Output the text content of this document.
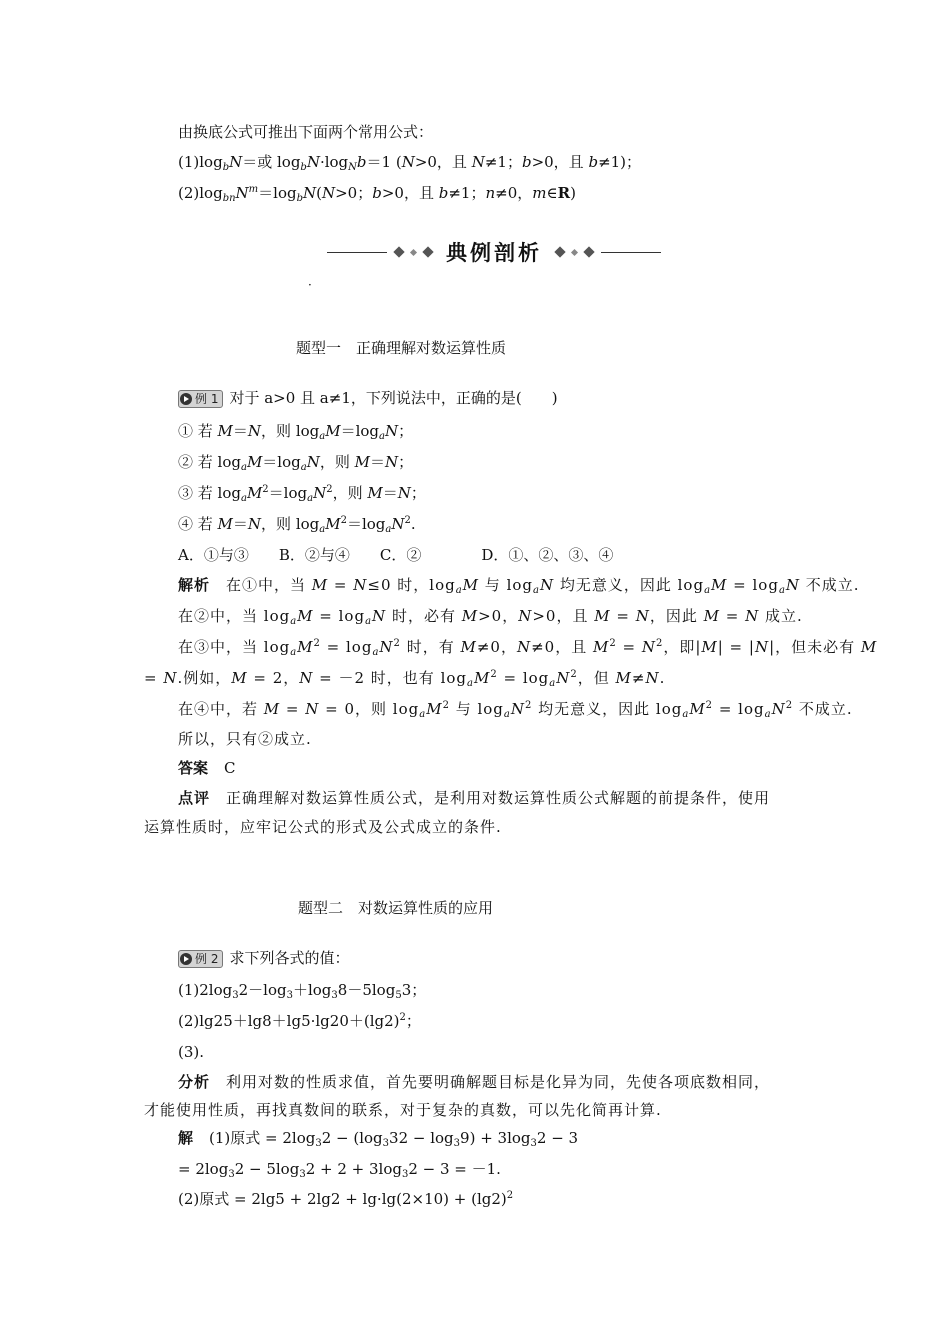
由换底公式可推出下面两个常用公式：
$(1)\log_bN=$或 $\log_bN\cdot\log_Nb=1$ (N>0，且 N≠1；b>0，且 b≠1)；
$(2)\log_{bn}N^m=\log_bN(N>0$；b>0，且 b≠1；n≠0，m∈R)
典例剖析
·
题型一　正确理解对数运算性质
例 1 对于 a>0 且 a≠1，下列说法中，正确的是(　　)
① 若 M＝N，则 $\log_aM=\log_aN$；
② 若 $\log_aM=\log_aN$，则 M＝N；
③ 若 $\log_aM^2=\log_aN^2$，则 M＝N；
④ 若 M＝N，则 $\log_aM^2=\log_aN^2$.
A．①与③　　B．②与④　　C．②　　　　D．①、②、③、④
解析 在①中，当 M = N≤0 时，$\log_aM$ 与 $\log_aN$ 均无意义，因此 $\log_aM = \log_aN$ 不成立.
在②中，当 $\log_aM = \log_aN$ 时，必有 M>0，N>0，且 M = N，因此 M = N 成立.
在③中，当 $\log_aM^2 = \log_aN^2$ 时，有 M≠0，N≠0，且 $M^2 = N^2$，即|M| = |N|，但未必有 M
= N.例如，M = 2，N = －2 时，也有 $\log_aM^2 = \log_aN^2$，但 M≠N.
在④中，若 M = N = 0，则 $\log_aM^2$ 与 $\log_aN^2$ 均无意义，因此 $\log_aM^2 = \log_aN^2$ 不成立.
所以，只有②成立.
答案 C
点评 正确理解对数运算性质公式，是利用对数运算性质公式解题的前提条件，使用
运算性质时，应牢记公式的形式及公式成立的条件.
题型二　对数运算性质的应用
例 2 求下列各式的值：
$(1)2\log_32-\log_3+\log_38-5\log_53$；
$(2)\lg 25+\lg 8+\lg 5\cdot\lg 20+(\lg 2)^2$；
(3).
分析 利用对数的性质求值，首先要明确解题目标是化异为同，先使各项底数相同，
才能使用性质，再找真数间的联系，对于复杂的真数，可以先化简再计算.
解 (1)原式 = $2\log_32 - (\log_332 - \log_39) + 3\log_32 - 3$
= $2\log_32 - 5\log_32 + 2 + 3\log_32 - 3 = -1$.
(2)原式 = $2\lg 5 + 2\lg 2 + \lg\cdot\lg(2\times 10) + (\lg 2)^2$
